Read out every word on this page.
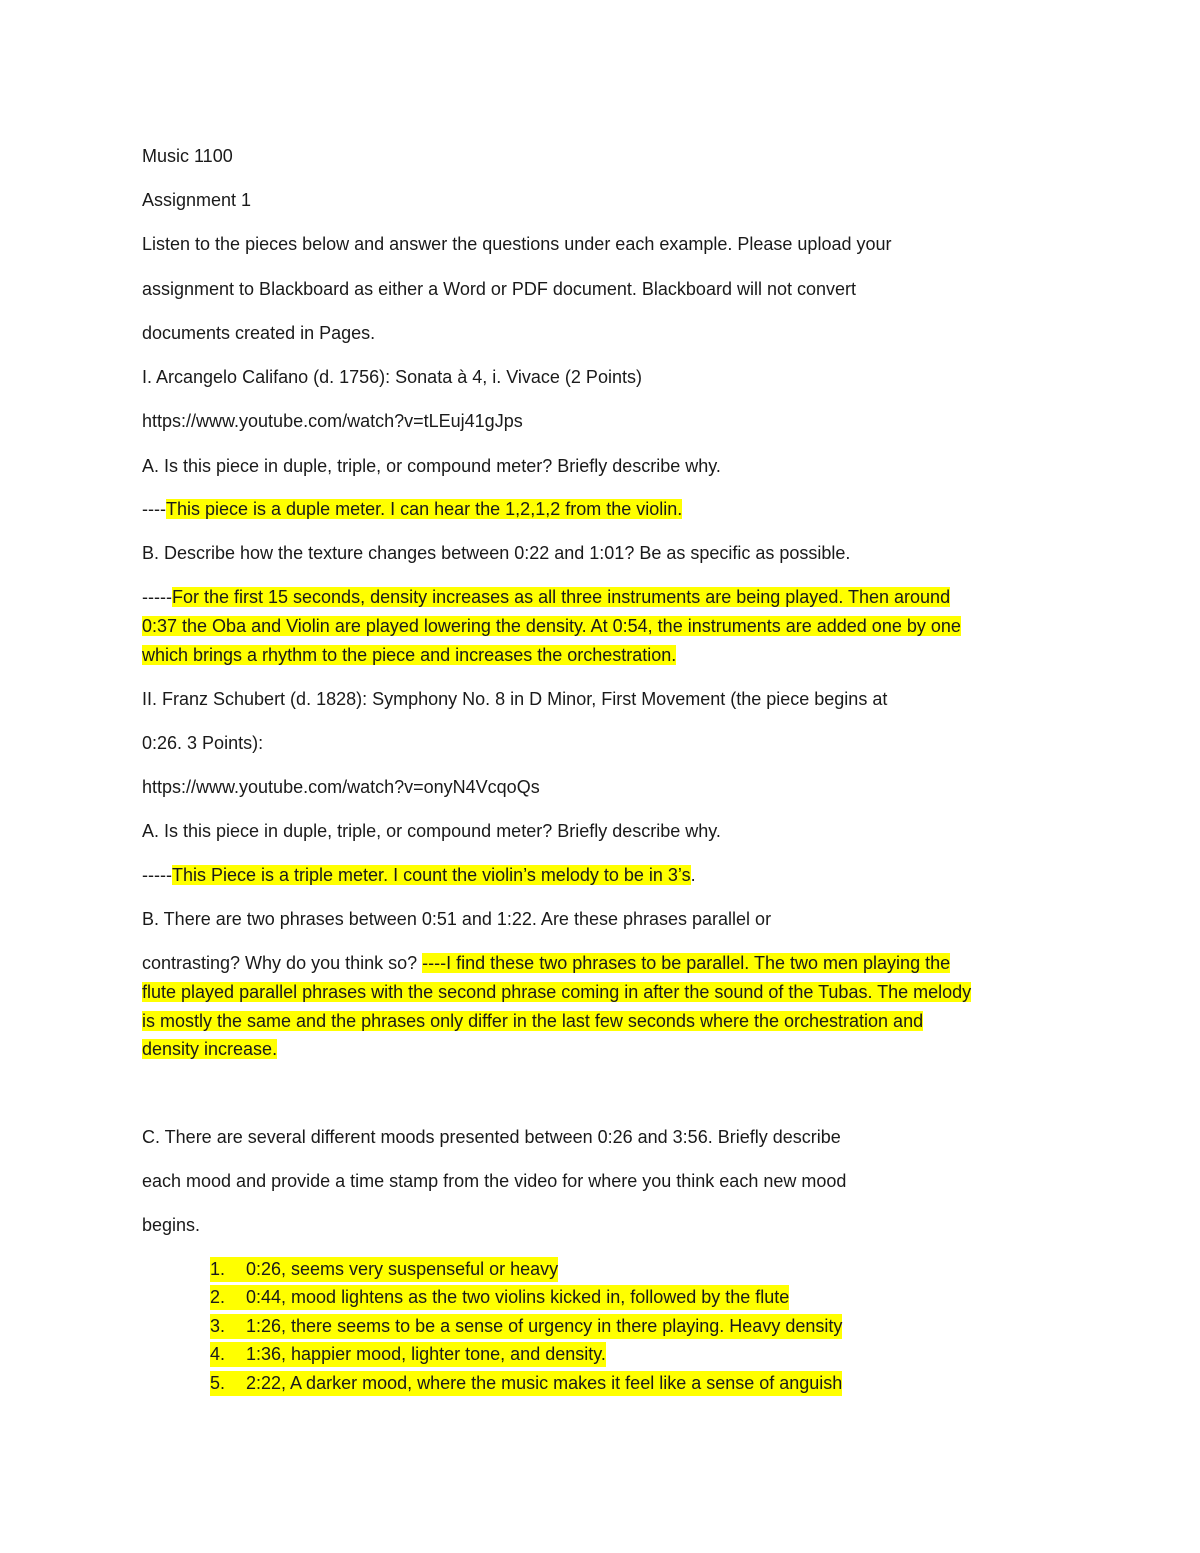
Music 1100
Assignment 1
Listen to the pieces below and answer the questions under each example. Please upload your
assignment to Blackboard as either a Word or PDF document. Blackboard will not convert
documents created in Pages.
I. Arcangelo Califano (d. 1756): Sonata à 4, i. Vivace (2 Points)
https://www.youtube.com/watch?v=tLEuj41gJps
A. Is this piece in duple, triple, or compound meter? Briefly describe why.
----This piece is a duple meter. I can hear the 1,2,1,2 from the violin.
B. Describe how the texture changes between 0:22 and 1:01? Be as specific as possible.
-----For the first 15 seconds, density increases as all three instruments are being played. Then around
0:37 the Oba and Violin are played lowering the density. At 0:54, the instruments are added one by one
which brings a rhythm to the piece and increases the orchestration.
II. Franz Schubert (d. 1828): Symphony No. 8 in D Minor, First Movement (the piece begins at
0:26. 3 Points):
https://www.youtube.com/watch?v=onyN4VcqoQs
A. Is this piece in duple, triple, or compound meter? Briefly describe why.
-----This Piece is a triple meter. I count the violin’s melody to be in 3’s.
B. There are two phrases between 0:51 and 1:22. Are these phrases parallel or
contrasting? Why do you think so? ----I find these two phrases to be parallel. The two men playing the
flute played parallel phrases with the second phrase coming in after the sound of the Tubas. The melody
is mostly the same and the phrases only differ in the last few seconds where the orchestration and
density increase.
C. There are several different moods presented between 0:26 and 3:56. Briefly describe
each mood and provide a time stamp from the video for where you think each new mood
begins.
1. 0:26, seems very suspenseful or heavy
2. 0:44, mood lightens as the two violins kicked in, followed by the flute
3. 1:26, there seems to be a sense of urgency in there playing. Heavy density
4. 1:36, happier mood, lighter tone, and density.
5. 2:22, A darker mood, where the music makes it feel like a sense of anguish
